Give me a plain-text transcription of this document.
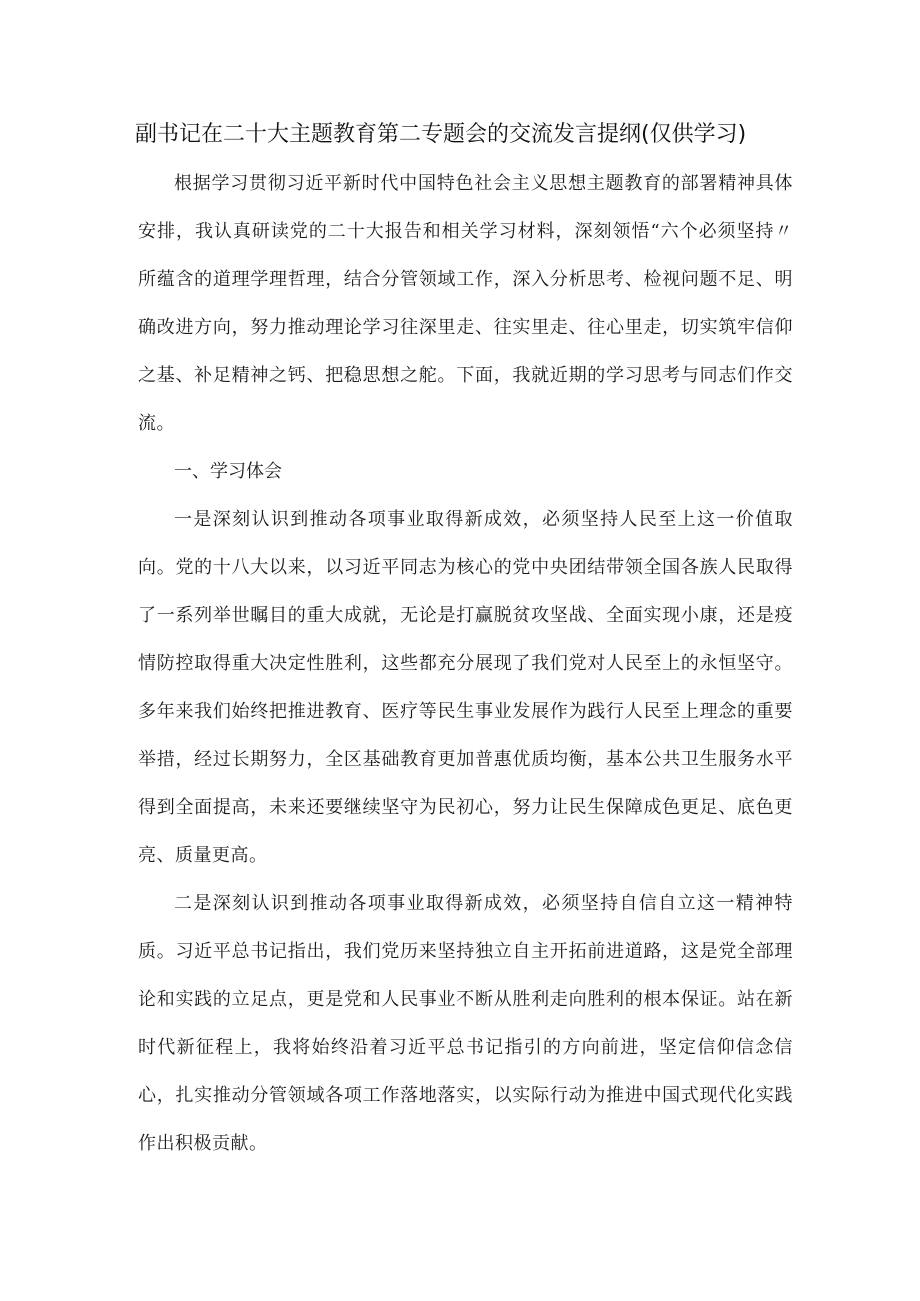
副书记在二十大主题教育第二专题会的交流发言提纲(仅供学习)

根据学习贯彻习近平新时代中国特色社会主义思想主题教育的部署精神具体安排，我认真研读党的二十大报告和相关学习材料，深刻领悟“六个必须坚持〃所蕴含的道理学理哲理，结合分管领域工作，深入分析思考、检视问题不足、明确改进方向，努力推动理论学习往深里走、往实里走、往心里走，切实筑牢信仰之基、补足精神之钙、把稳思想之舵。下面，我就近期的学习思考与同志们作交流。

一、学习体会

一是深刻认识到推动各项事业取得新成效，必须坚持人民至上这一价值取向。党的十八大以来，以习近平同志为核心的党中央团结带领全国各族人民取得了一系列举世瞩目的重大成就，无论是打赢脱贫攻坚战、全面实现小康，还是疫情防控取得重大决定性胜利，这些都充分展现了我们党对人民至上的永恒坚守。多年来我们始终把推进教育、医疗等民生事业发展作为践行人民至上理念的重要举措，经过长期努力，全区基础教育更加普惠优质均衡，基本公共卫生服务水平得到全面提高，未来还要继续坚守为民初心，努力让民生保障成色更足、底色更亮、质量更高。

二是深刻认识到推动各项事业取得新成效，必须坚持自信自立这一精神特质。习近平总书记指出，我们党历来坚持独立自主开拓前进道路，这是党全部理论和实践的立足点，更是党和人民事业不断从胜利走向胜利的根本保证。站在新时代新征程上，我将始终沿着习近平总书记指引的方向前进，坚定信仰信念信心，扎实推动分管领域各项工作落地落实，以实际行动为推进中国式现代化实践作出积极贡献。
